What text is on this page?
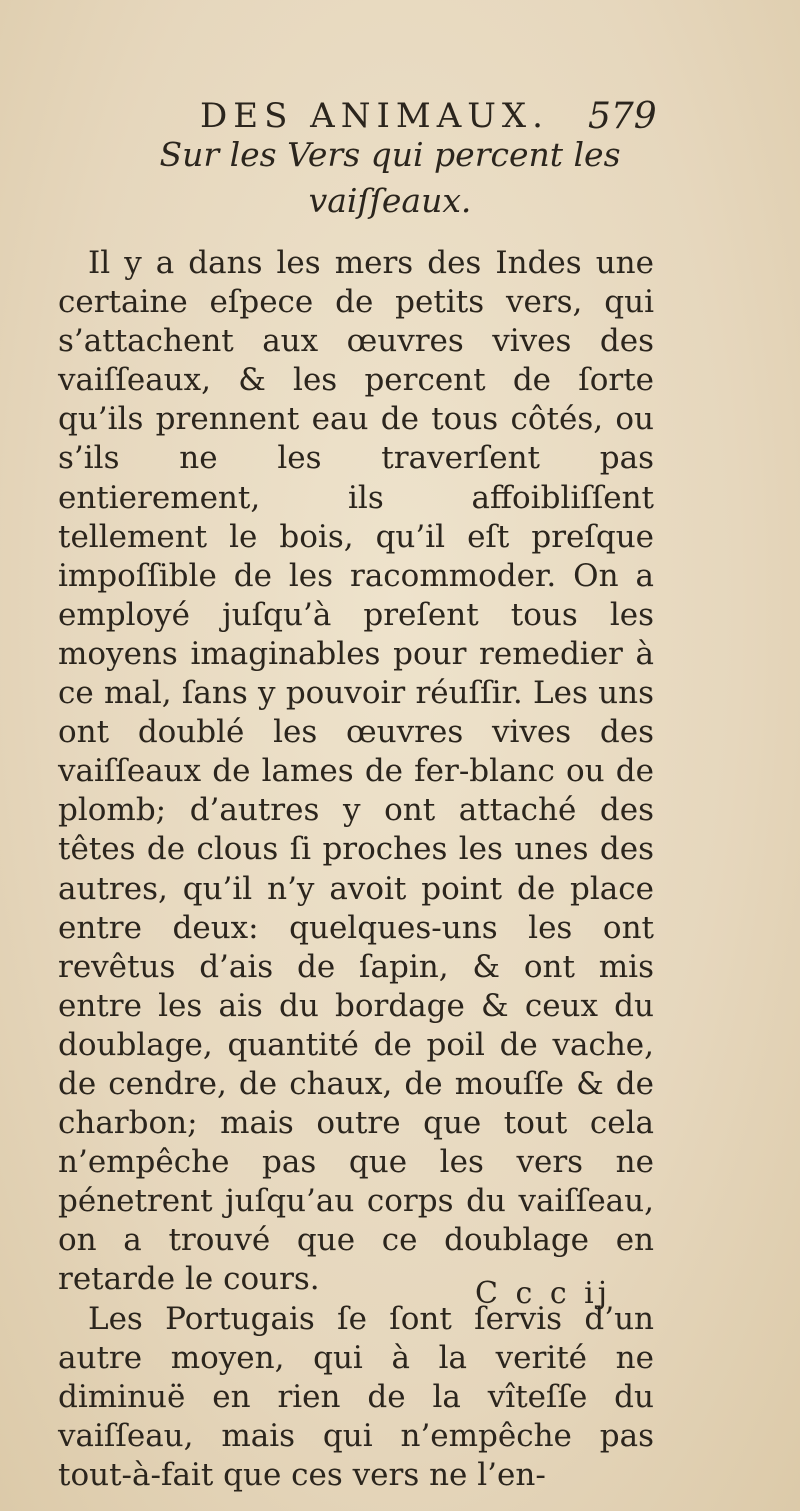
DES ANIMAUX.	579
Sur les Vers qui percent les vaiſſeaux.

Il y a dans les mers des Indes une certaine eſpece de petits vers, qui s’attachent aux œuvres vives des vaiſſeaux, & les percent de ſorte qu’ils prennent eau de tous côtés, ou s’ils ne les traverſent pas entierement, ils affoibliſſent tellement le bois, qu’il eſt preſque impoſſible de les racommoder. On a employé juſqu’à preſent tous les moyens imaginables pour remedier à ce mal, ſans y pouvoir réuſſir. Les uns ont doublé les œuvres vives des vaiſſeaux de lames de fer-blanc ou de plomb; d’autres y ont attaché des têtes de clous ſi proches les unes des autres, qu’il n’y avoit point de place entre deux: quelques-uns les ont revêtus d’ais de ſapin, & ont mis entre les ais du bordage & ceux du doublage, quantité de poil de vache, de cendre, de chaux, de mouſſe & de charbon; mais outre que tout cela n’empêche pas que les vers ne pénetrent juſqu’au corps du vaiſſeau, on a trouvé que ce doublage en retarde le cours.

Les Portugais ſe ſont ſervis d’un autre moyen, qui à la verité ne diminuë en rien de la vîteſſe du vaiſſeau, mais qui n’empêche pas tout-à-fait que ces vers ne l’en-

C c c ij
